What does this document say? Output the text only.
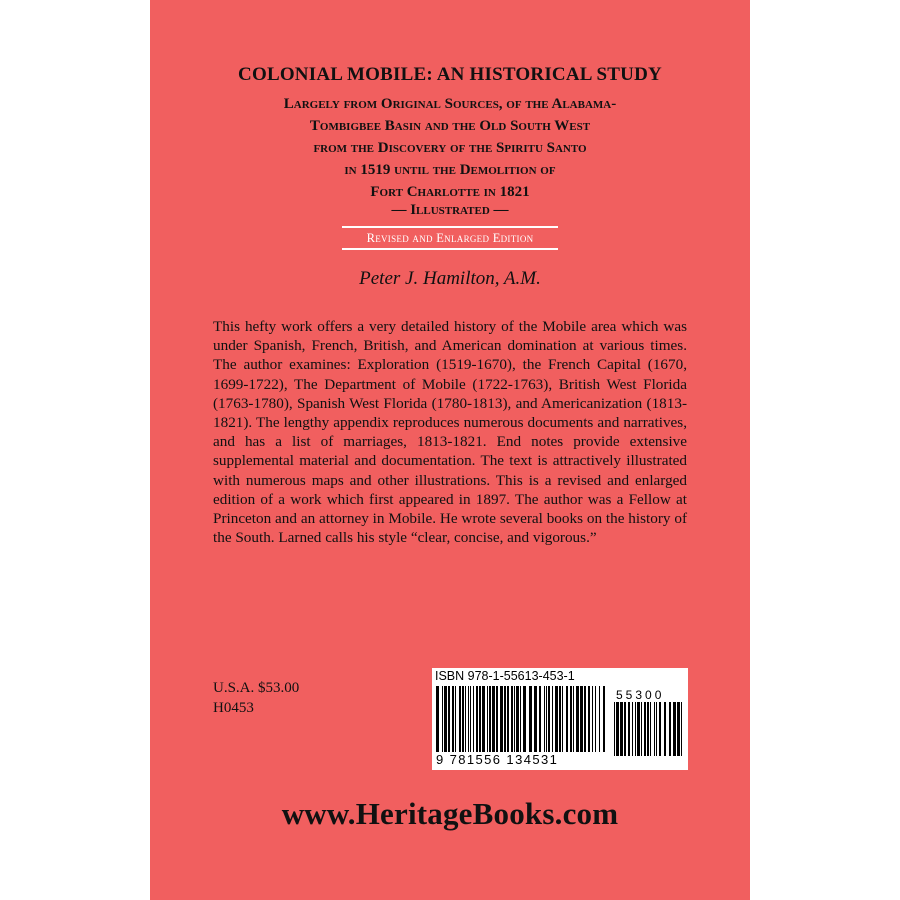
COLONIAL MOBILE: AN HISTORICAL STUDY
Largely from Original Sources, of the Alabama-
Tombigbee Basin and the Old South West
from the Discovery of the Spiritu Santo
in 1519 until the Demolition of
Fort Charlotte in 1821
— Illustrated —
Revised and Enlarged Edition
Peter J. Hamilton, A.M.
This hefty work offers a very detailed history of the Mobile area which was under Spanish, French, British, and American domination at various times. The author examines: Exploration (1519-1670), the French Capital (1670, 1699-1722), The Department of Mobile (1722-1763), British West Florida (1763-1780), Spanish West Florida (1780-1813), and Americanization (1813-1821). The lengthy appendix reproduces numerous documents and narratives, and has a list of marriages, 1813-1821. End notes provide extensive supplemental material and documentation. The text is attractively illustrated with numerous maps and other illustrations. This is a revised and enlarged edition of a work which first appeared in 1897. The author was a Fellow at Princeton and an attorney in Mobile. He wrote several books on the history of the South. Larned calls his style “clear, concise, and vigorous.”
U.S.A. $53.00
H0453
ISBN 978-1-55613-453-1
55300
9 781556 134531
www.HeritageBooks.com
